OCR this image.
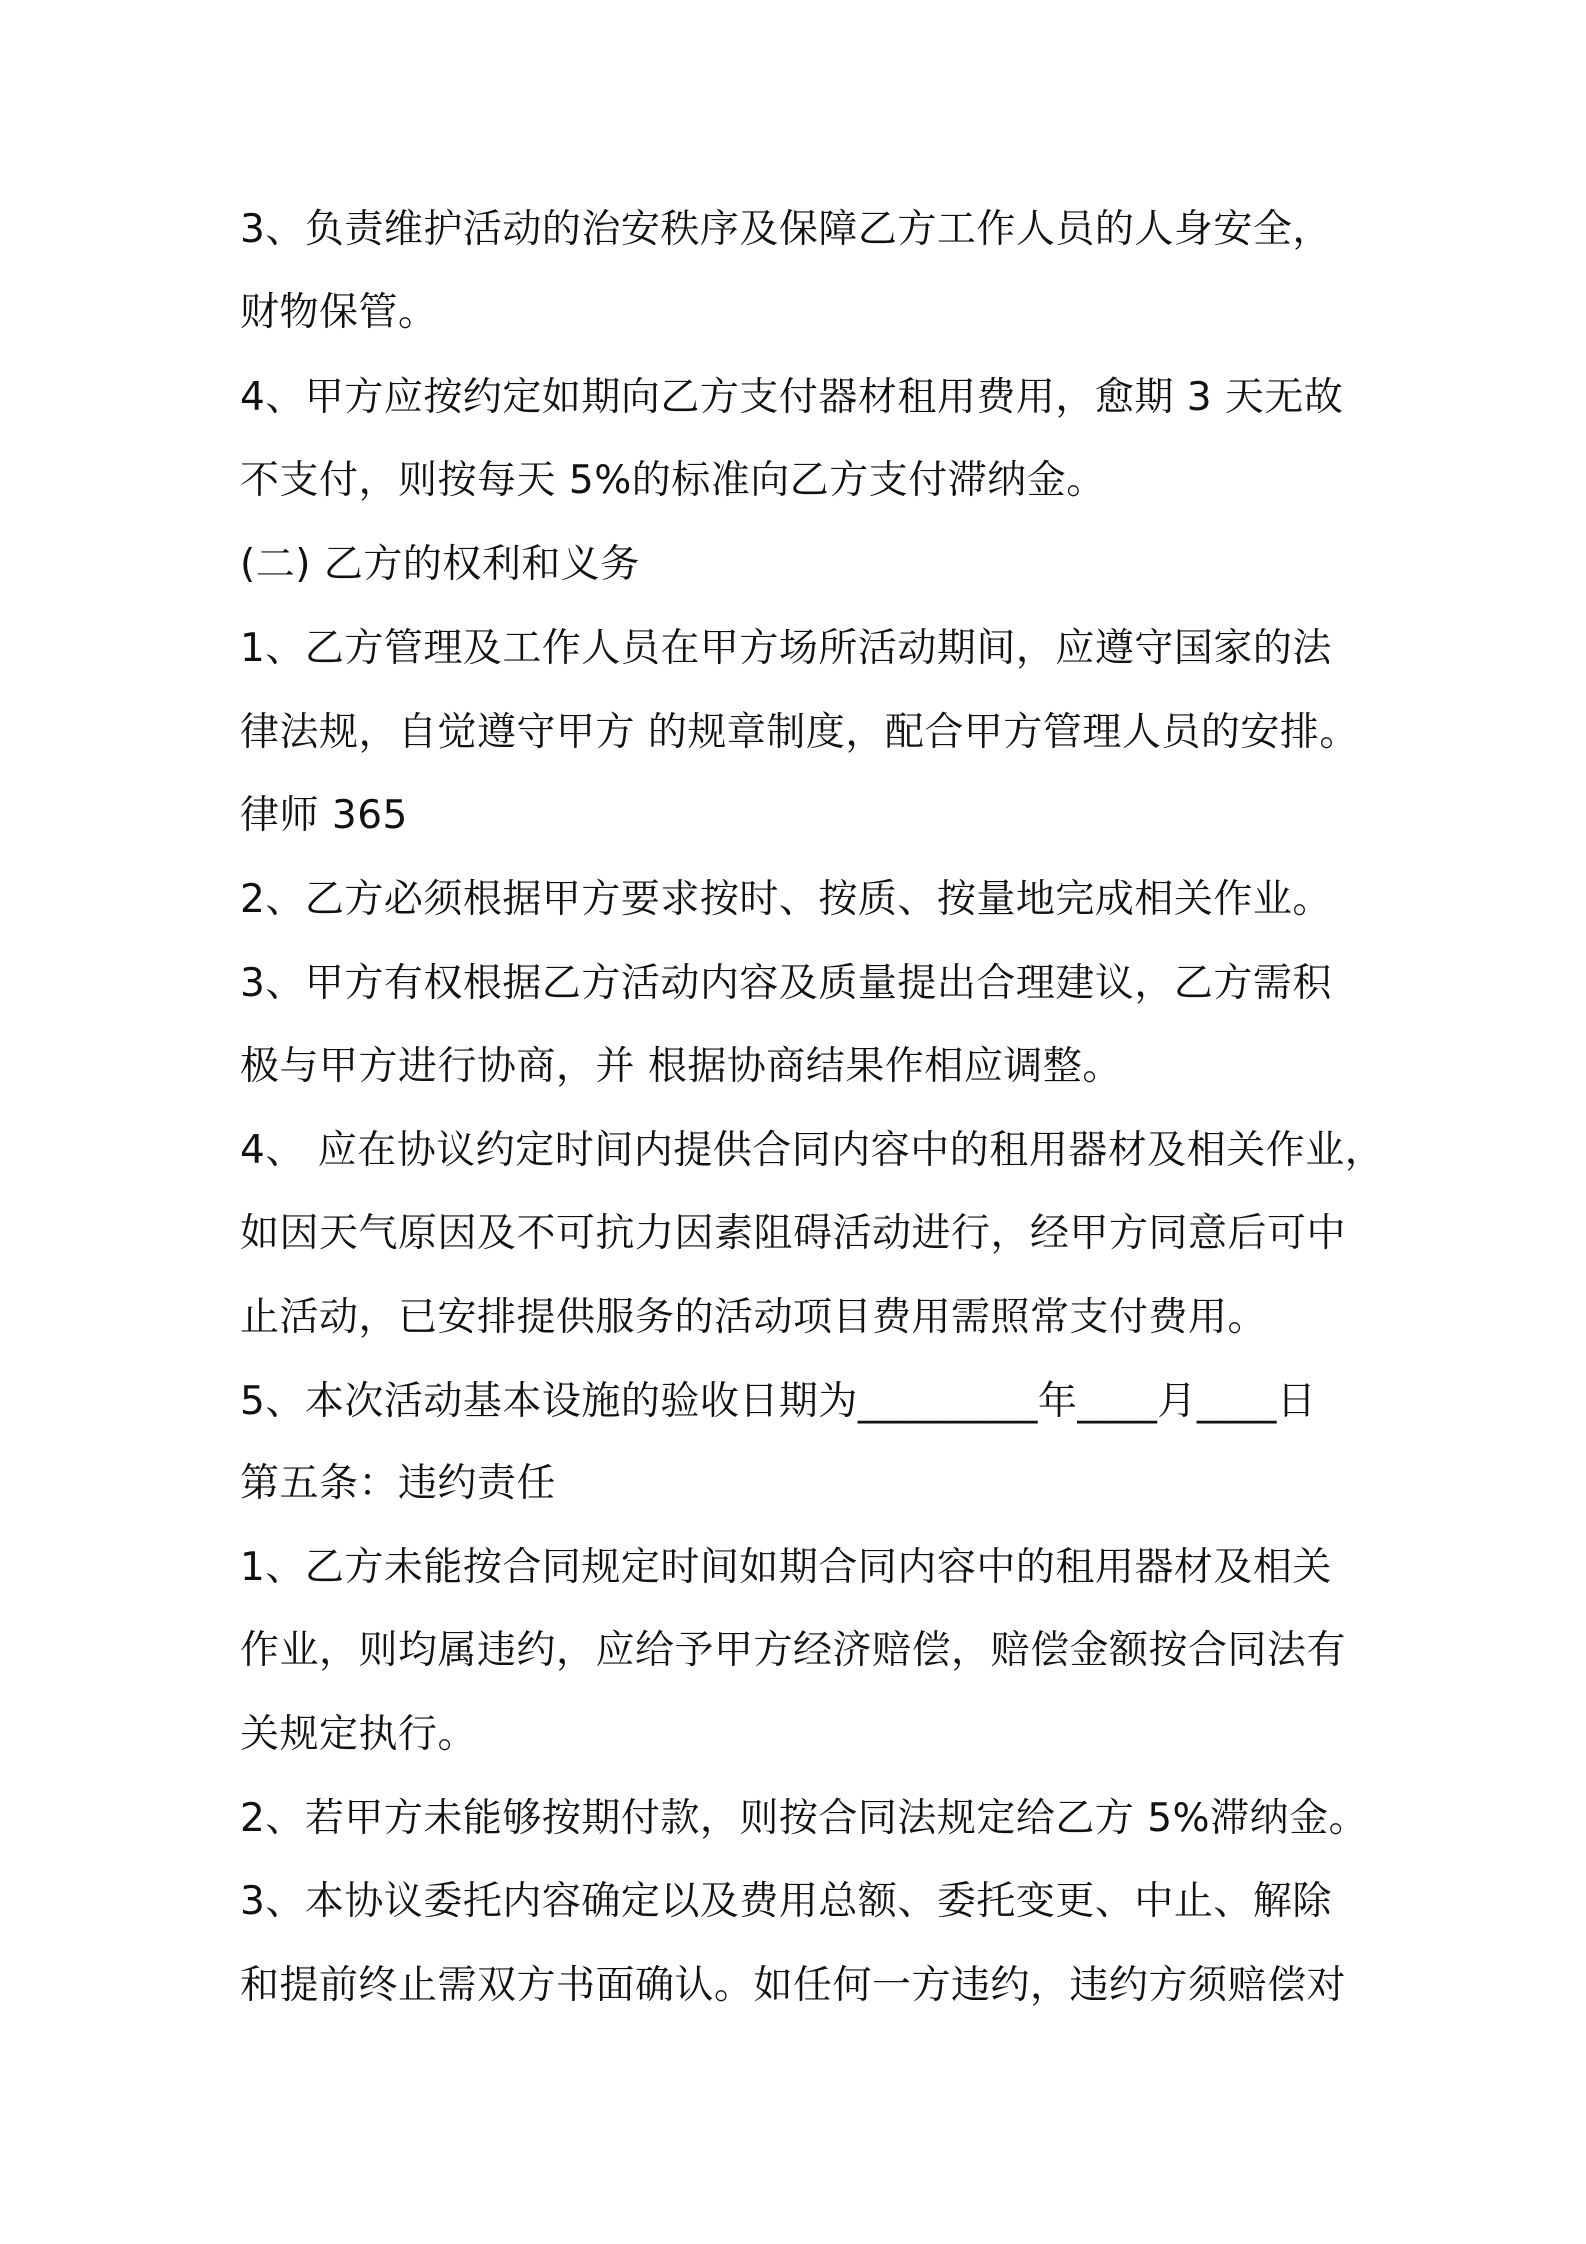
3、负责维护活动的治安秩序及保障乙方工作人员的人身安全，
财物保管。
4、甲方应按约定如期向乙方支付器材租用费用，愈期 3 天无故
不支付，则按每天 5%的标准向乙方支付滞纳金。
(二) 乙方的权利和义务
1、乙方管理及工作人员在甲方场所活动期间，应遵守国家的法
律法规，自觉遵守甲方 的规章制度，配合甲方管理人员的安排。
律师 365
2、乙方必须根据甲方要求按时、按质、按量地完成相关作业。
3、甲方有权根据乙方活动内容及质量提出合理建议，乙方需积
极与甲方进行协商，并 根据协商结果作相应调整。
4、 应在协议约定时间内提供合同内容中的租用器材及相关作业，
如因天气原因及不可抗力因素阻碍活动进行，经甲方同意后可中
止活动，已安排提供服务的活动项目费用需照常支付费用。
5、本次活动基本设施的验收日期为_________年____月____日
第五条：违约责任
1、乙方未能按合同规定时间如期合同内容中的租用器材及相关
作业，则均属违约，应给予甲方经济赔偿，赔偿金额按合同法有
关规定执行。
2、若甲方未能够按期付款，则按合同法规定给乙方 5%滞纳金。
3、本协议委托内容确定以及费用总额、委托变更、中止、解除
和提前终止需双方书面确认。如任何一方违约，违约方须赔偿对
